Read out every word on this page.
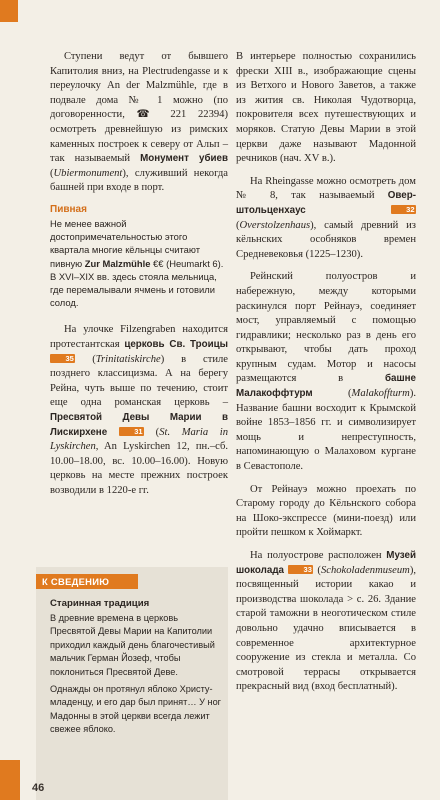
Ступени ведут от бывшего Капитолия вниз, на Plectrudengasse и к переулочку An der Malzmühle, где в подвале дома № 1 можно (по договоренности, ☎ 221 22394) осмотреть древнейшую из римских каменных построек к северу от Альп – так называемый Монумент убиев (Ubiermonument), служивший некогда башней при входе в порт.

Пивная

Не менее важной достопримечательностью этого квартала многие кёльнцы считают пивную Zur Malzmühle €€ (Heumarkt 6). В XVI–XIX вв. здесь стояла мельница, где перемалывали ячмень и готовили солод.

На улочке Filzengraben находится протестантская церковь Св. Троицы 35 (Trinitatiskirche) в стиле позднего классицизма. А на берегу Рейна, чуть выше по течению, стоит еще одна романская церковь – Пресвятой Девы Марии в Лискирхене	31 (St. Maria in Lyskirchen, An Lyskirchen 12, пн.–сб. 10.00–18.00, вс. 10.00–16.00). Новую церковь на месте прежних построек возводили в 1220-е гг.

К СВЕДЕНИЮ
Старинная традиция

В древние времена в церковь Пресвятой Девы Марии на Капитолии приходил каждый день благочестивый мальчик Герман Йозеф, чтобы поклониться Пресвятой Деве.

Однажды он протянул яблоко Христу-младенцу, и его дар был принят… У ног Мадонны в этой церкви всегда лежит свежее яблоко.

В интерьере полностью сохранились фрески XIII в., изображающие сцены из Ветхого и Нового Заветов, а также из жития св. Николая Чудотворца, покровителя всех путешествующих и моряков. Статую Девы Марии в этой церкви даже называют Мадонной речников (нач. XV в.).

На Rheingasse можно осмотреть дом № 8, так называемый Оверштольценхаус	32 (Overstolzenhaus), самый древний из кёльнских особняков времен Средневековья (1225–1230).

Рейнский полуостров и набережную, между которыми раскинулся порт Рейнауэ, соединяет мост, управляемый с помощью гидравлики; несколько раз в день его открывают, чтобы дать проход крупным судам. Мотор и насосы размещаются в башне Малакоффтурм (Malakoffturm). Название башни восходит к Крымской войне 1853–1856 гг. и символизирует мощь и непреступность, напоминающую о Малаховом кургане в Севастополе.

От Рейнауэ можно проехать по Старому городу до Кёльнского собора на Шоко-экспрессе (мини-поезд) или пройти пешком к Хоймаркт.

На полуострове расположен Музей шоколада	33 (Schokoladenmuseum), посвященный истории какао и производства шоколада > с. 26. Здание старой таможни в неоготическом стиле довольно удачно вписывается в современное архитектурное сооружение из стекла и металла. Со смотровой террасы открывается прекрасный вид (вход бесплатный).

46
